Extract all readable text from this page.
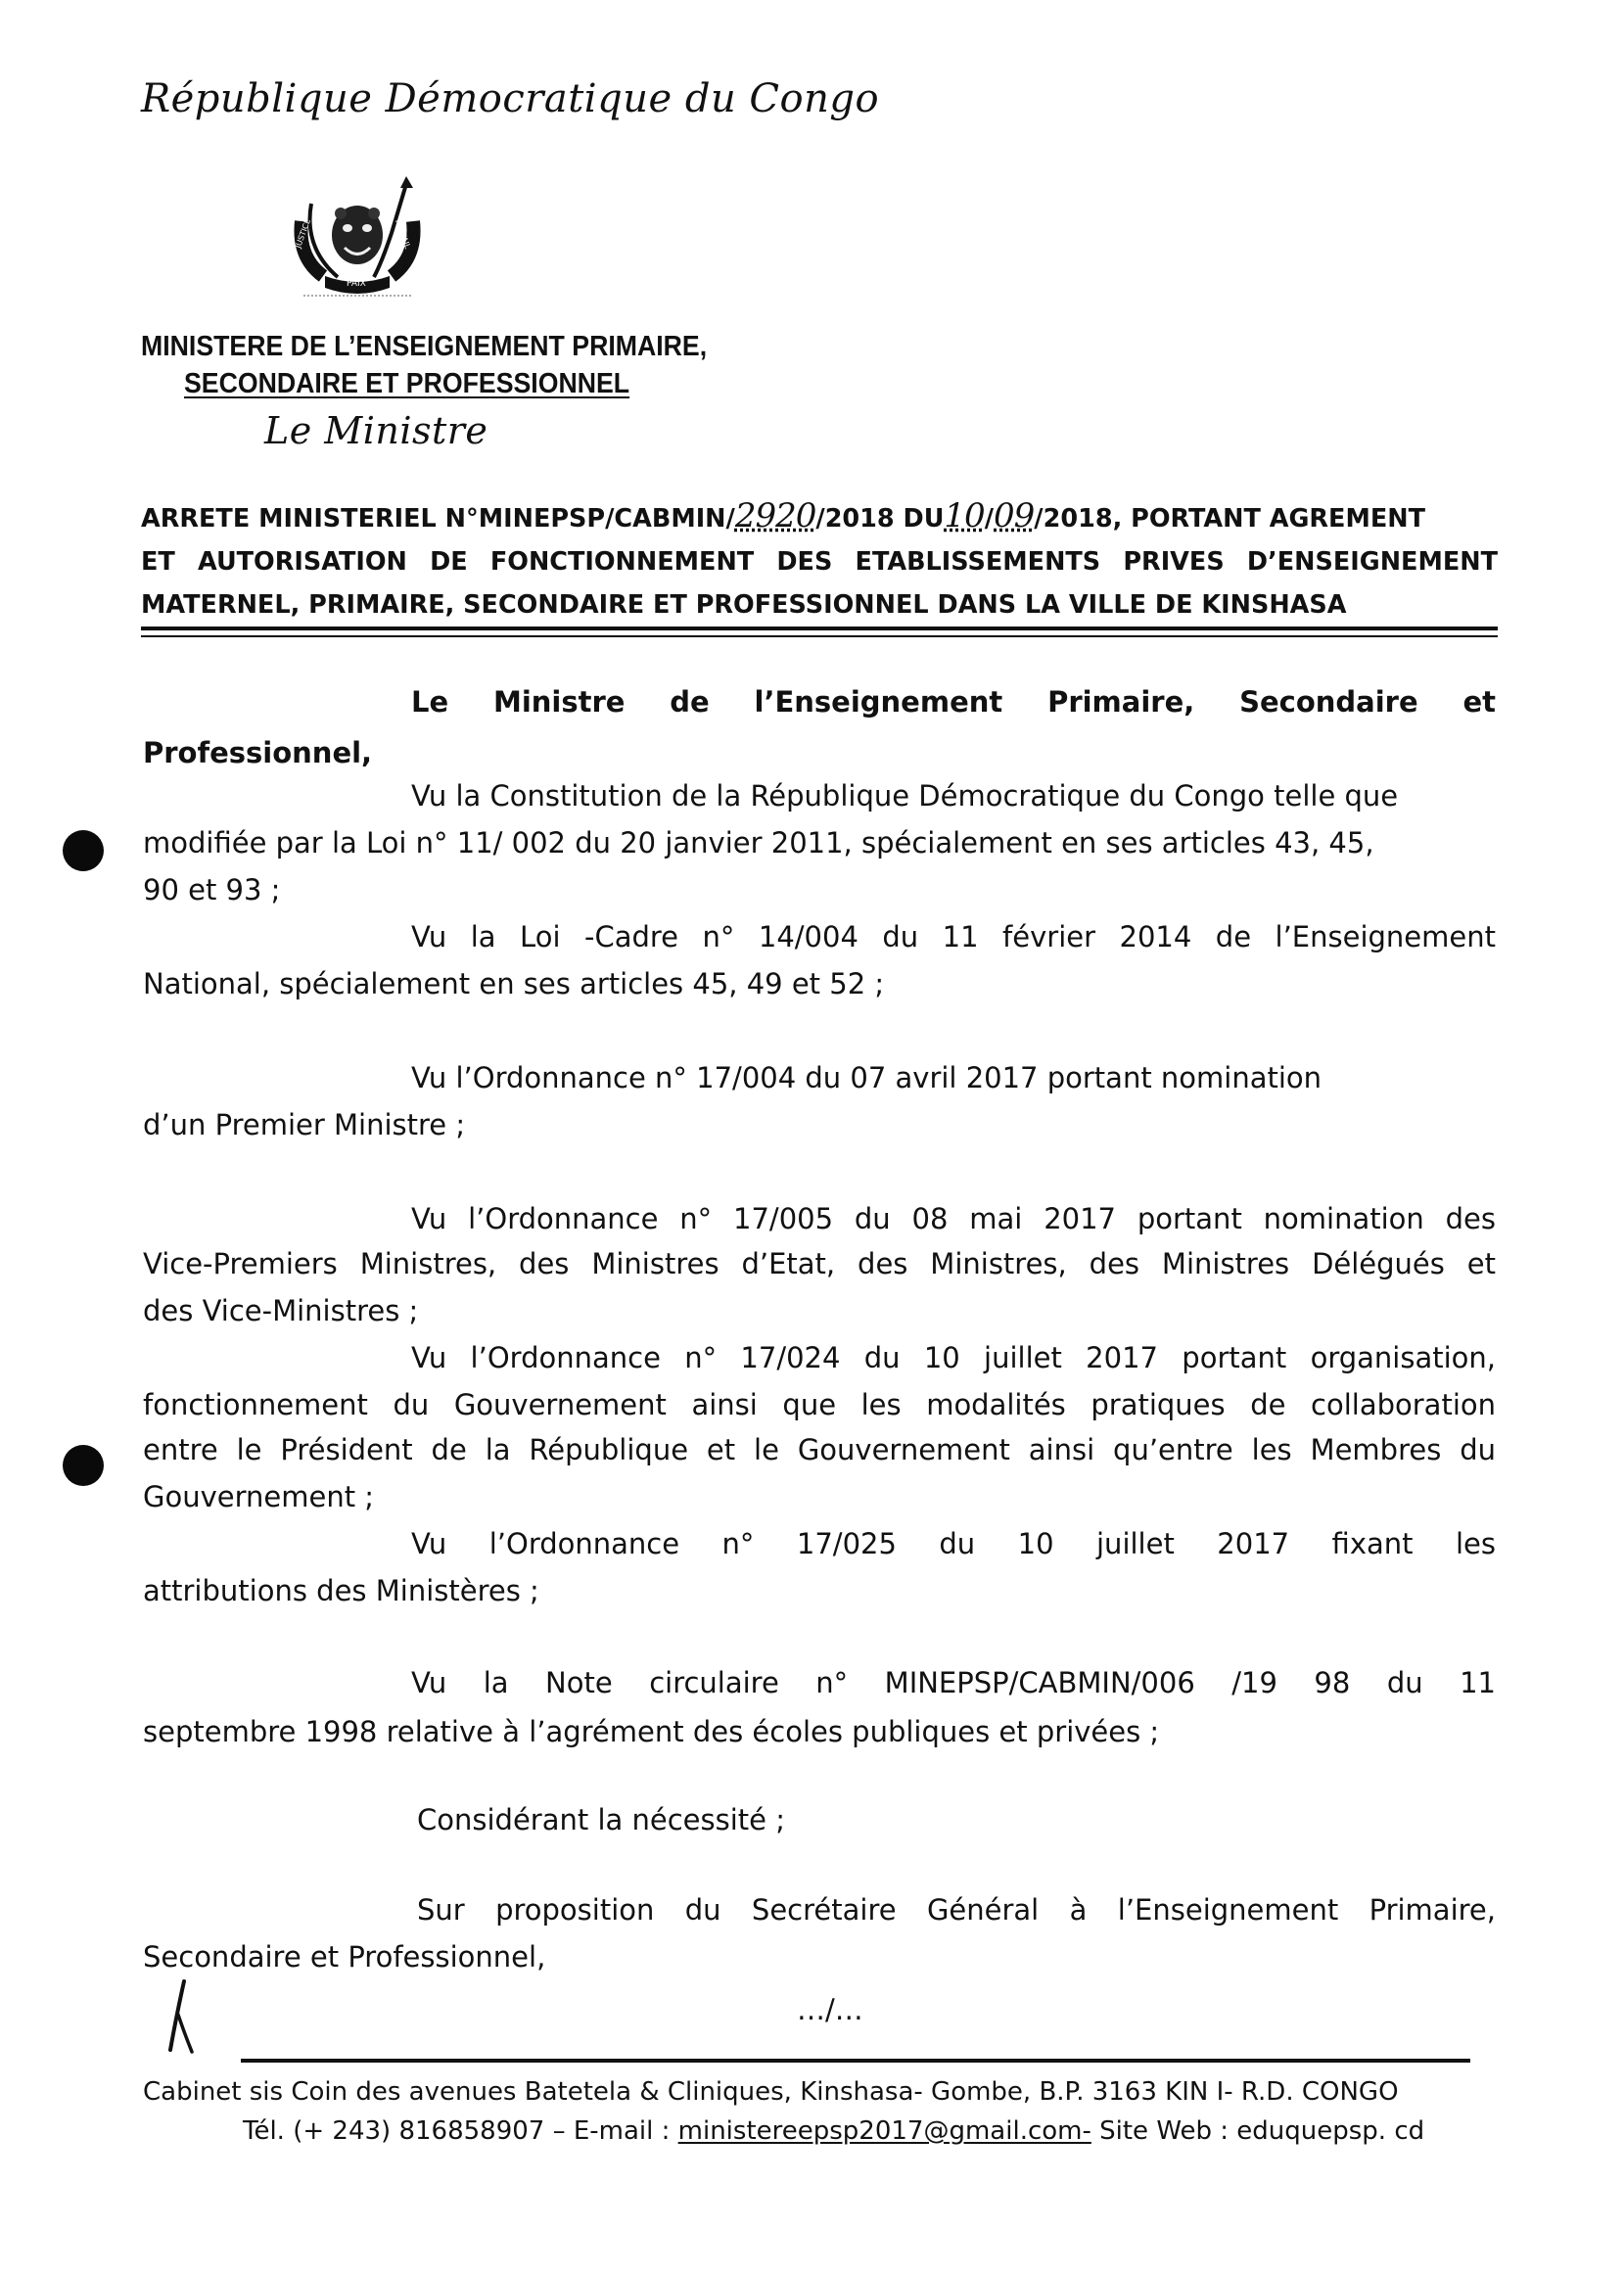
République Démocratique du Congo
JUSTICE
PAIX
TRAVAIL
MINISTERE DE L’ENSEIGNEMENT PRIMAIRE,
SECONDAIRE ET PROFESSIONNEL
Le Ministre
ARRETE MINISTERIEL N°MINEPSP/CABMIN/2920/2018 DU10/09/2018, PORTANT AGREMENT
ET AUTORISATION DE FONCTIONNEMENT DES ETABLISSEMENTS PRIVES D’ENSEIGNEMENT
MATERNEL, PRIMAIRE, SECONDAIRE ET PROFESSIONNEL DANS LA VILLE DE KINSHASA
Le Ministre de l’Enseignement Primaire, Secondaire et
Professionnel,
Vu la Constitution de la République Démocratique du Congo telle que
modifiée par la Loi n° 11/ 002 du 20 janvier 2011, spécialement en ses articles 43, 45,
90 et 93 ;
Vu la Loi -Cadre n° 14/004 du 11 février 2014 de l’Enseignement
National, spécialement en ses articles 45, 49 et 52 ;
Vu l’Ordonnance n° 17/004 du 07 avril 2017 portant nomination
d’un Premier Ministre ;
Vu l’Ordonnance n° 17/005 du 08 mai 2017 portant nomination des
Vice-Premiers Ministres, des Ministres d’Etat, des Ministres, des Ministres Délégués et
des Vice-Ministres ;
Vu l’Ordonnance n° 17/024 du 10 juillet 2017 portant organisation,
fonctionnement du Gouvernement ainsi que les modalités pratiques de collaboration
entre le Président de la République et le Gouvernement ainsi qu’entre les Membres du
Gouvernement ;
Vu l’Ordonnance n° 17/025 du 10 juillet 2017 fixant les
attributions des Ministères ;
Vu la Note circulaire n° MINEPSP/CABMIN/006 /19 98 du 11
septembre 1998 relative à l’agrément des écoles publiques et privées ;
Considérant la nécessité ;
Sur proposition du Secrétaire Général à l’Enseignement Primaire,
Secondaire et Professionnel,
…/…
Cabinet sis Coin des avenues Batetela & Cliniques, Kinshasa- Gombe, B.P. 3163 KIN I- R.D. CONGO
Tél. (+ 243) 816858907 – E-mail : ministereepsp2017@gmail.com- Site Web : eduquepsp. cd
